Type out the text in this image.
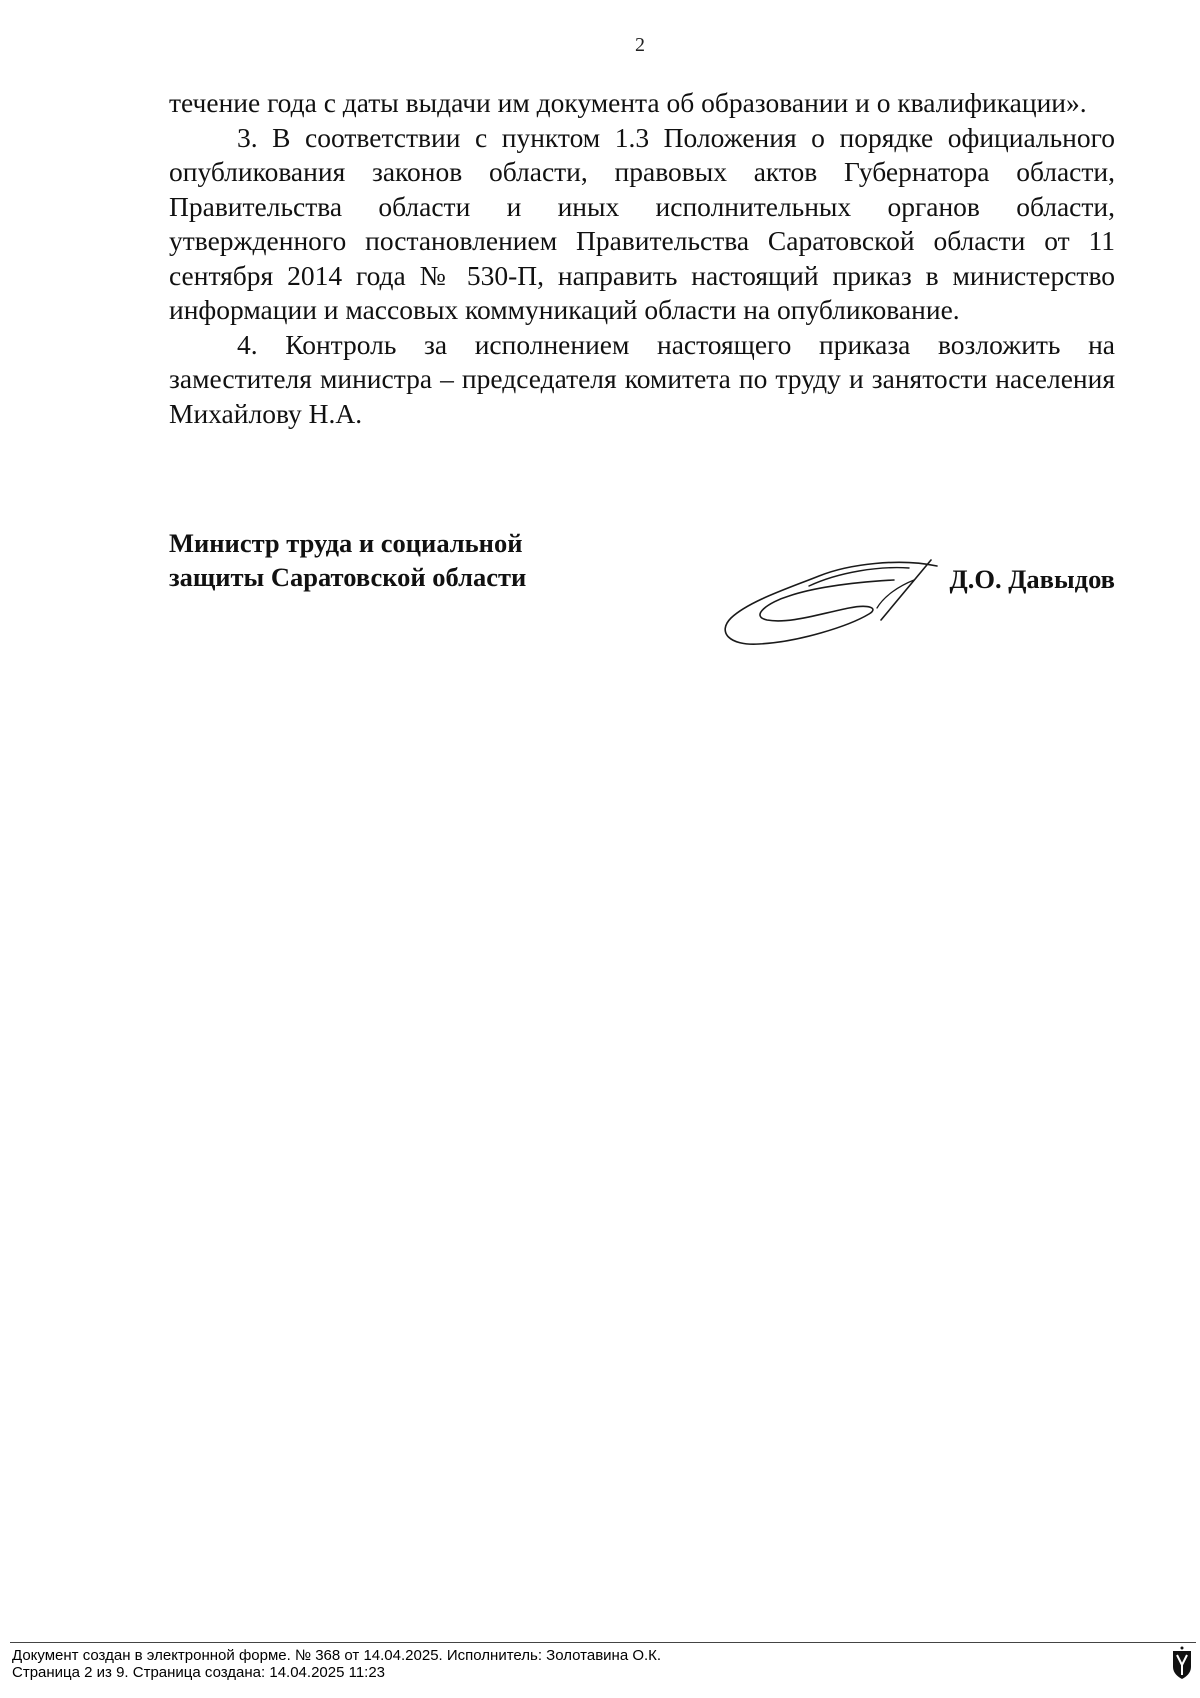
2

течение года с даты выдачи им документа об образовании и о квалификации».

3. В соответствии с пунктом 1.3 Положения о порядке официального опубликования законов области, правовых актов Губернатора области, Правительства области и иных исполнительных органов области, утвержденного постановлением Правительства Саратовской области от 11 сентября 2014 года № 530-П, направить настоящий приказ в министерство информации и массовых коммуникаций области на опубликование.

4. Контроль за исполнением настоящего приказа возложить на заместителя министра – председателя комитета по труду и занятости населения Михайлову Н.А.

Министр труда и социальной
защиты Саратовской области	Д.О. Давыдов
Документ создан в электронной форме. № 368 от 14.04.2025. Исполнитель: Золотавина О.К.
Страница 2 из 9. Страница создана: 14.04.2025 11:23
